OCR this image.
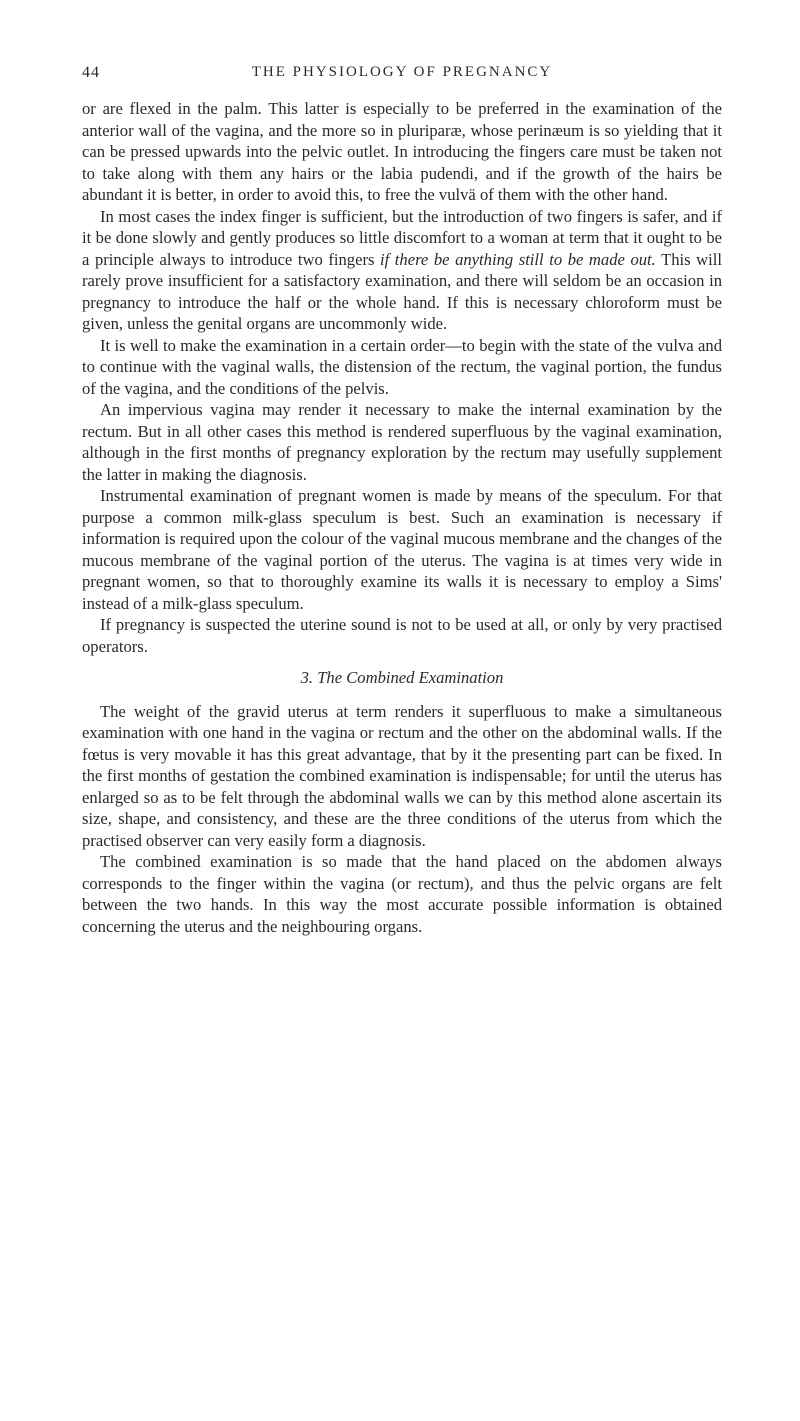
44	THE PHYSIOLOGY OF PREGNANCY

or are flexed in the palm. This latter is especially to be preferred in the examination of the anterior wall of the vagina, and the more so in pluriparæ, whose perinæum is so yielding that it can be pressed upwards into the pelvic outlet. In introducing the fingers care must be taken not to take along with them any hairs or the labia pudendi, and if the growth of the hairs be abundant it is better, in order to avoid this, to free the vulvä of them with the other hand.

In most cases the index finger is sufficient, but the introduction of two fingers is safer, and if it be done slowly and gently produces so little discomfort to a woman at term that it ought to be a principle always to introduce two fingers if there be anything still to be made out. This will rarely prove insufficient for a satisfactory examination, and there will seldom be an occasion in pregnancy to introduce the half or the whole hand. If this is necessary chloroform must be given, unless the genital organs are uncommonly wide.

It is well to make the examination in a certain order—to begin with the state of the vulva and to continue with the vaginal walls, the distension of the rectum, the vaginal portion, the fundus of the vagina, and the conditions of the pelvis.

An impervious vagina may render it necessary to make the internal examination by the rectum. But in all other cases this method is rendered superfluous by the vaginal examination, although in the first months of pregnancy exploration by the rectum may usefully supplement the latter in making the diagnosis.

Instrumental examination of pregnant women is made by means of the speculum. For that purpose a common milk-glass speculum is best. Such an examination is necessary if information is required upon the colour of the vaginal mucous membrane and the changes of the mucous membrane of the vaginal portion of the uterus. The vagina is at times very wide in pregnant women, so that to thoroughly examine its walls it is necessary to employ a Sims' instead of a milk-glass speculum.

If pregnancy is suspected the uterine sound is not to be used at all, or only by very practised operators.

3. The Combined Examination

The weight of the gravid uterus at term renders it superfluous to make a simultaneous examination with one hand in the vagina or rectum and the other on the abdominal walls. If the fœtus is very movable it has this great advantage, that by it the presenting part can be fixed. In the first months of gestation the combined examination is indispensable; for until the uterus has enlarged so as to be felt through the abdominal walls we can by this method alone ascertain its size, shape, and consistency, and these are the three conditions of the uterus from which the practised observer can very easily form a diagnosis.

The combined examination is so made that the hand placed on the abdomen always corresponds to the finger within the vagina (or rectum), and thus the pelvic organs are felt between the two hands. In this way the most accurate possible information is obtained concerning the uterus and the neighbouring organs.
